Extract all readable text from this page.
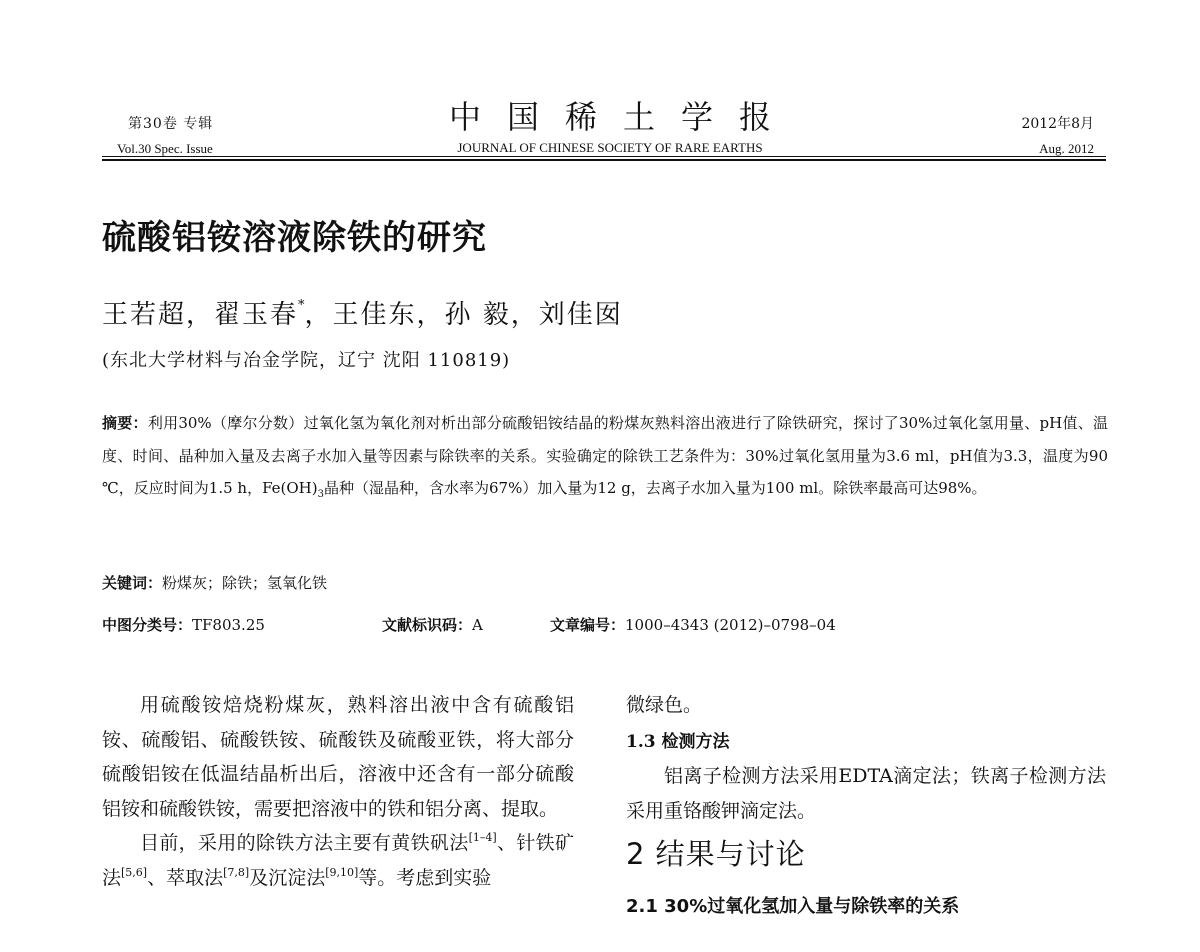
第30卷 专辑
Vol.30 Spec. Issue
中国稀土学报
JOURNAL OF CHINESE SOCIETY OF RARE EARTHS
2012年8月
Aug. 2012
硫酸铝铵溶液除铁的研究
王若超，翟玉春*，王佳东，孙 毅，刘佳囡
(东北大学材料与冶金学院，辽宁 沈阳 110819)
摘要：利用30%（摩尔分数）过氧化氢为氧化剂对析出部分硫酸铝铵结晶的粉煤灰熟料溶出液进行了除铁研究，探讨了30%过氧化氢用量、pH值、温度、时间、晶种加入量及去离子水加入量等因素与除铁率的关系。实验确定的除铁工艺条件为：30%过氧化氢用量为3.6 ml，pH值为3.3，温度为90 ℃，反应时间为1.5 h，$Fe(OH)_3$晶种（湿晶种，含水率为67%）加入量为12 g，去离子水加入量为100 ml。除铁率最高可达98%。
关键词：粉煤灰；除铁；氢氧化铁
中图分类号：TF803.25	文献标识码：A	文章编号：1000–4343 (2012)–0798–04

用硫酸铵焙烧粉煤灰，熟料溶出液中含有硫酸铝铵、硫酸铝、硫酸铁铵、硫酸铁及硫酸亚铁，将大部分硫酸铝铵在低温结晶析出后，溶液中还含有一部分硫酸铝铵和硫酸铁铵，需要把溶液中的铁和铝分离、提取。

目前，采用的除铁方法主要有黄铁矾法[1–4]、针铁矿法[5,6]、萃取法[7,8]及沉淀法[9,10]等。考虑到实验

微绿色。

1.3 检测方法

铝离子检测方法采用EDTA滴定法；铁离子检测方法采用重铬酸钾滴定法。

2 结果与讨论

2.1 30%过氧化氢加入量与除铁率的关系
